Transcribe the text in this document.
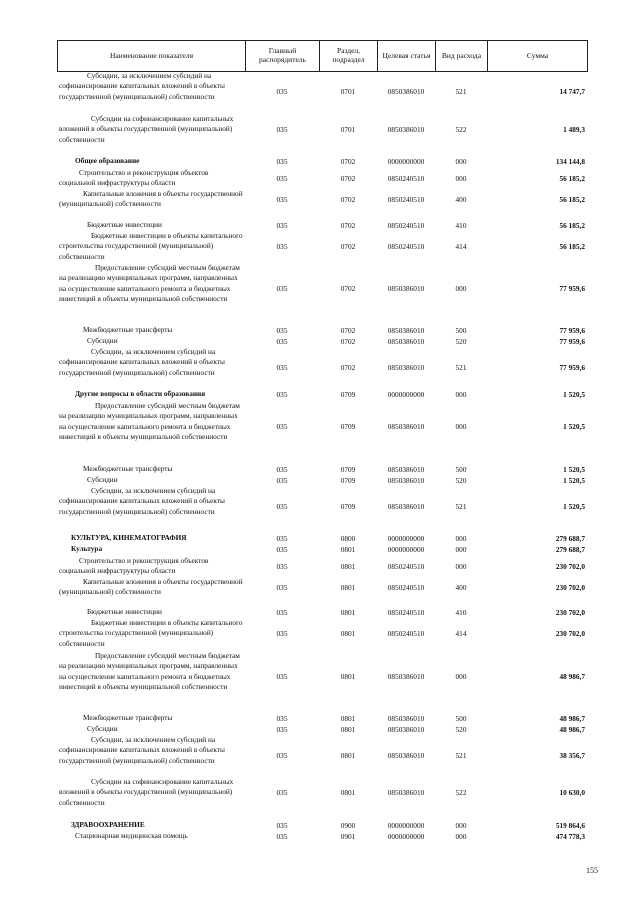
Наименование показателя	Главный распорядитель	Раздел, подраздел	Целевая статья	Вид расхода	Сумма
Субсидии, за исключением субсидий на софинансирование капитальных вложений в объекты государственной (муниципальной) собственности
035	0701	0850386010	521	14 747,7
Субсидии на софинансирование капитальных вложений в объекты государственной (муниципальной) собственности
035	0701	0850386010	522	1 489,3
Общее образование	035	0702	0000000000	000	134 144,8
Строительство и реконструкция объектов социальной инфраструктуры области	035	0702	0850240510	000	56 185,2
Капитальные вложения в объекты государственной (муниципальной) собственности	035	0702	0850240510	400	56 185,2
Бюджетные инвестиции	035	0702	0850240510	410	56 185,2
Бюджетные инвестиции в объекты капитального строительства государственной (муниципальной) собственности
035	0702	0850240510	414	56 185,2
Предоставление субсидий местным бюджетам на реализацию муниципальных программ, направленных на осуществление капитального ремонта и бюджетных инвестиций в объекты муниципальной собственности
035	0702	0850386010	000	77 959,6
Межбюджетные трансферты	035	0702	0850386010	500	77 959,6
Субсидии	035	0702	0850386010	520	77 959,6
Субсидии, за исключением субсидий на софинансирование капитальных вложений в объекты государственной (муниципальной) собственности
035	0702	0850386010	521	77 959,6
Другие вопросы в области образования	035	0709	0000000000	000	1 520,5
Предоставление субсидий местным бюджетам на реализацию муниципальных программ, направленных на осуществление капитального ремонта и бюджетных инвестиций в объекты муниципальной собственности
035	0709	0850386010	000	1 520,5
Межбюджетные трансферты	035	0709	0850386010	500	1 520,5
Субсидии	035	0709	0850386010	520	1 520,5
Субсидии, за исключением субсидий на софинансирование капитальных вложений в объекты государственной (муниципальной) собственности
035	0709	0850386010	521	1 520,5
КУЛЬТУРА, КИНЕМАТОГРАФИЯ	035	0800	0000000000	000	279 688,7
Культура	035	0801	0000000000	000	279 688,7
Строительство и реконструкция объектов социальной инфраструктуры области	035	0801	0850240510	000	230 702,0
Капитальные вложения в объекты государственной (муниципальной) собственности	035	0801	0850240510	400	230 702,0
Бюджетные инвестиции	035	0801	0850240510	410	230 702,0
Бюджетные инвестиции в объекты капитального строительства государственной (муниципальной) собственности
035	0801	0850240510	414	230 702,0
Предоставление субсидий местным бюджетам на реализацию муниципальных программ, направленных на осуществление капитального ремонта и бюджетных инвестиций в объекты муниципальной собственности
035	0801	0850386010	000	48 986,7
Межбюджетные трансферты	035	0801	0850386010	500	48 986,7
Субсидии	035	0801	0850386010	520	48 986,7
Субсидии, за исключением субсидий на софинансирование капитальных вложений в объекты государственной (муниципальной) собственности
035	0801	0850386010	521	38 356,7
Субсидии на софинансирование капитальных вложений в объекты государственной (муниципальной) собственности
035	0801	0850386010	522	10 630,0
ЗДРАВООХРАНЕНИЕ	035	0900	0000000000	000	519 864,6
Стационарная медицинская помощь	035	0901	0000000000	000	474 778,3
155
